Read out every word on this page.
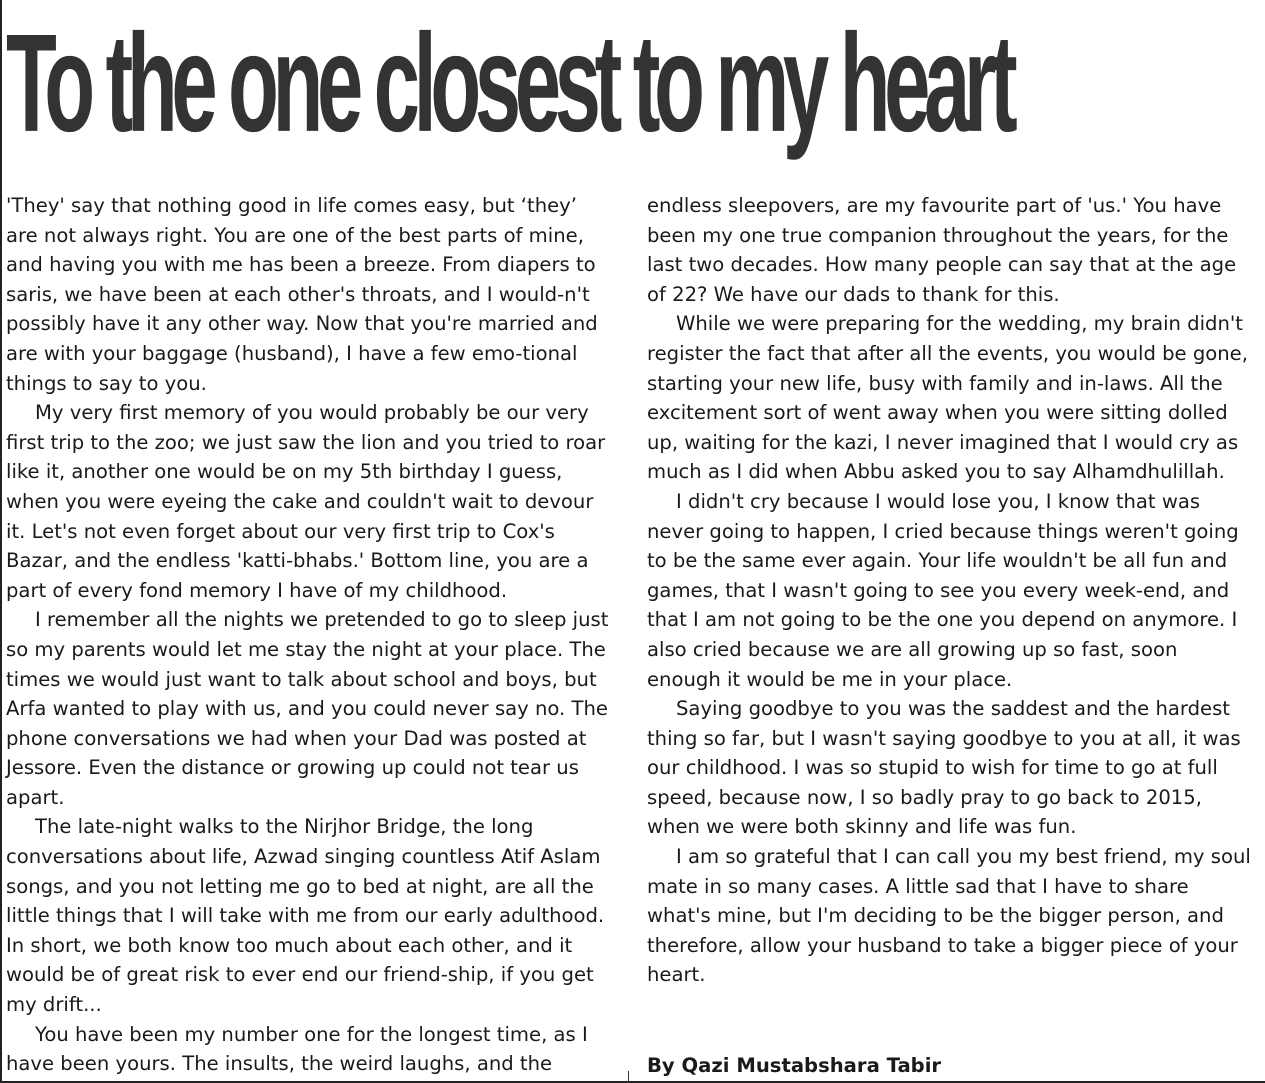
To the one closest to my heart

'They' say that nothing good in life comes easy, but ‘they’ are not always right. You are one of the best parts of mine, and having you with me has been a breeze. From diapers to saris, we have been at each other's throats, and I would-n't possibly have it any other way. Now that you're married and are with your baggage (husband), I have a few emo-tional things to say to you.

My very first memory of you would probably be our very first trip to the zoo; we just saw the lion and you tried to roar like it, another one would be on my 5th birthday I guess, when you were eyeing the cake and couldn't wait to devour it. Let's not even forget about our very first trip to Cox's Bazar, and the endless 'katti-bhabs.' Bottom line, you are a part of every fond memory I have of my childhood.

I remember all the nights we pretended to go to sleep just so my parents would let me stay the night at your place. The times we would just want to talk about school and boys, but Arfa wanted to play with us, and you could never say no. The phone conversations we had when your Dad was posted at Jessore. Even the distance or growing up could not tear us apart.

The late-night walks to the Nirjhor Bridge, the long conversations about life, Azwad singing countless Atif Aslam songs, and you not letting me go to bed at night, are all the little things that I will take with me from our early adulthood. In short, we both know too much about each other, and it would be of great risk to ever end our friend-ship, if you get my drift...

You have been my number one for the longest time, as I have been yours. The insults, the weird laughs, and the

endless sleepovers, are my favourite part of 'us.' You have been my one true companion throughout the years, for the last two decades. How many people can say that at the age of 22? We have our dads to thank for this.

While we were preparing for the wedding, my brain didn't register the fact that after all the events, you would be gone, starting your new life, busy with family and in-laws. All the excitement sort of went away when you were sitting dolled up, waiting for the kazi, I never imagined that I would cry as much as I did when Abbu asked you to say Alhamdhulillah.

I didn't cry because I would lose you, I know that was never going to happen, I cried because things weren't going to be the same ever again. Your life wouldn't be all fun and games, that I wasn't going to see you every week-end, and that I am not going to be the one you depend on anymore. I also cried because we are all growing up so fast, soon enough it would be me in your place.

Saying goodbye to you was the saddest and the hardest thing so far, but I wasn't saying goodbye to you at all, it was our childhood. I was so stupid to wish for time to go at full speed, because now, I so badly pray to go back to 2015, when we were both skinny and life was fun.

I am so grateful that I can call you my best friend, my soul mate in so many cases. A little sad that I have to share what's mine, but I'm deciding to be the bigger person, and therefore, allow your husband to take a bigger piece of your heart.

By Qazi Mustabshara Tabir
